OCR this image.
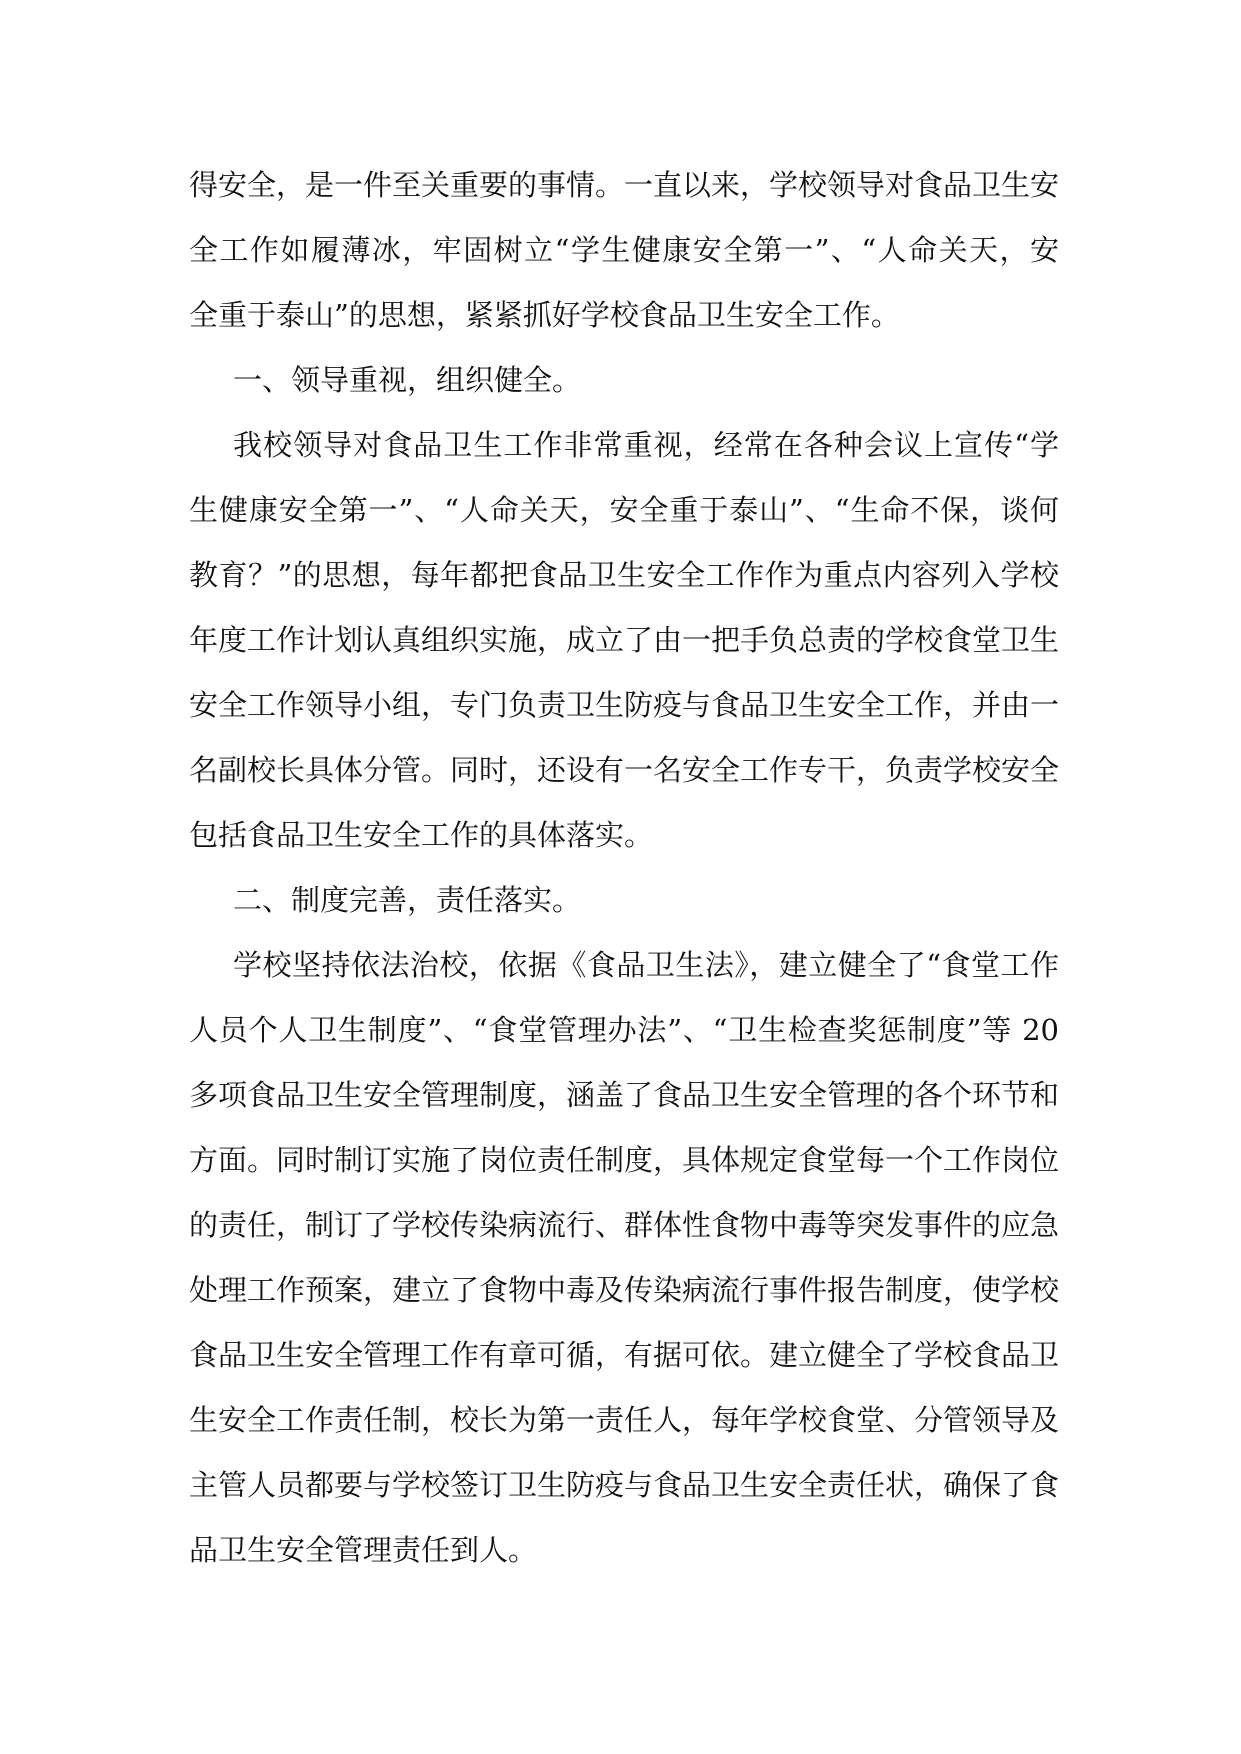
得安全，是一件至关重要的事情。一直以来，学校领导对食品卫生安
全工作如履薄冰，牢固树立“学生健康安全第一”、“人命关天，安
全重于泰山”的思想，紧紧抓好学校食品卫生安全工作。
一、领导重视，组织健全。
我校领导对食品卫生工作非常重视，经常在各种会议上宣传“学
生健康安全第一”、“人命关天，安全重于泰山”、“生命不保，谈何
教育？”的思想，每年都把食品卫生安全工作作为重点内容列入学校
年度工作计划认真组织实施，成立了由一把手负总责的学校食堂卫生
安全工作领导小组，专门负责卫生防疫与食品卫生安全工作，并由一
名副校长具体分管。同时，还设有一名安全工作专干，负责学校安全
包括食品卫生安全工作的具体落实。
二、制度完善，责任落实。
学校坚持依法治校，依据《食品卫生法》，建立健全了“食堂工作
人员个人卫生制度”、“食堂管理办法”、“卫生检查奖惩制度”等 20
多项食品卫生安全管理制度，涵盖了食品卫生安全管理的各个环节和
方面。同时制订实施了岗位责任制度，具体规定食堂每一个工作岗位
的责任，制订了学校传染病流行、群体性食物中毒等突发事件的应急
处理工作预案，建立了食物中毒及传染病流行事件报告制度，使学校
食品卫生安全管理工作有章可循，有据可依。建立健全了学校食品卫
生安全工作责任制，校长为第一责任人，每年学校食堂、分管领导及
主管人员都要与学校签订卫生防疫与食品卫生安全责任状，确保了食
品卫生安全管理责任到人。
